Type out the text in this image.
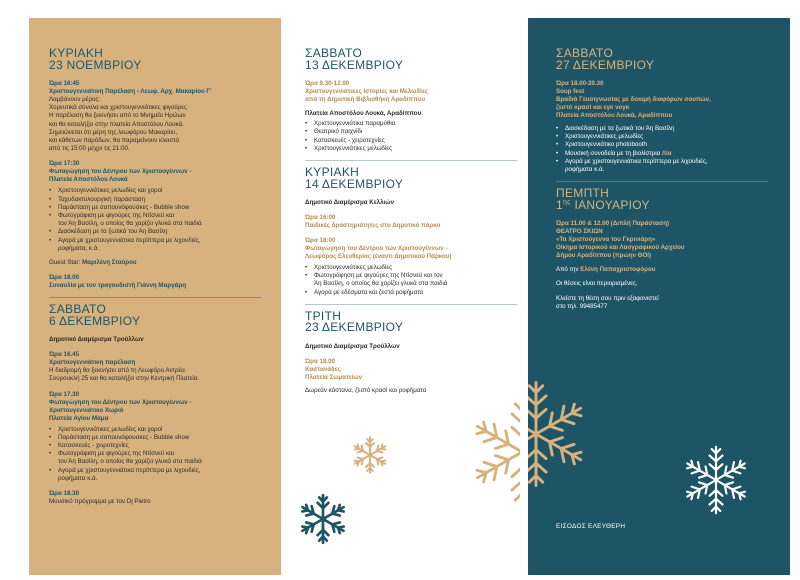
ΚΥΡΙΑΚΗ
23 ΝΟΕΜΒΡΙΟΥ
Ώρα 16:45
Χριστουγεννιάτικη Παρέλαση - Λεωφ. Αρχ. Μακαρίου Γ'
Λαμβάνουν μέρος:
Χορευτικά σύνολα και χριστουγεννιάτικες φιγούρες
Η παρέλαση θα ξεκινήσει από το Μνημείο Ηρώων
και θα καταλήξει στην πλατεία Αποστόλου Λουκά.
Σημειώνεται ότι μέρη της λεωφόρου Μακαρίου,
και κάθετων παρόδων, θα παραμείνουν κλειστά
από τις 15:00 μέχρι τις 21:00.
Ώρα 17:30
Φωταγώγηση του Δέντρου των Χριστουγέννων -
Πλατεία Αποστόλου Λουκά
• Χριστουγεννιάτικες μελωδίες και χοροί
• Ταχυδακτυλουργική παράσταση
• Παράσταση με σαπουνόφουσκες - Bubble show
• Φωτογράφιση με φιγούρες της Ντίσνεϋ και
τον Άη Βασίλη, ο οποίος θα χαρίζει γλυκά στα παιδιά
• Διασκέδαση με τα ξωτικά του Άη Βασίλη
• Αγορά με χριστουγεννιάτικα περίπτερα με λιχουδιές,
ροφήματα, κ.ά.
Guest Star: Μαριλένη Σταύρου
Ώρα 18.00
Συναυλία με τον τραγουδιστή Γιάννη Μαργάρη
ΣΑΒΒΑΤΟ
6 ΔΕΚΕΜΒΡΙΟΥ
Δημοτικό Διαμέρισμα Τρούλλων
Ώρα 16.45
Χριστουγεννιάτικη παρέλαση
Η διαδρομή θα ξεκινήσει από τη Λεωφόρο Αντρέα
Σουρουκλή 25 και θα καταλήξει στην Κεντρική Πλατεία.
Ώρα 17.30
Φωταγώγηση του Δέντρου των Χριστουγέννων -
Χριστουγεννιάτικο Χωριό
Πλατεία Αγίου Μάμα
• Χριστουγεννιάτικες μελωδίες και χοροί
• Παράσταση με σαπουνόφουσκες - Bubble show
• Κατασκευές - χειροτεχνίες
• Φωτογράφιση με φιγούρες της Ντίσνεϋ και
τον Άη Βασίλη, ο οποίος θα χαρίζει γλυκά στα παιδιά
• Αγορά με χριστουγεννιάτικα περίπτερα με λιχουδιές,
ροφήματα κ.ά.
Ώρα 18.30
Μουσικό πρόγραμμα με τον Dj Pietro
ΣΑΒΒΑΤΟ
13 ΔΕΚΕΜΒΡΙΟΥ
Ώρα 9.30-12.00
Χριστουγεννιάτικες Ιστορίες και Μελωδίες
από τη Δημοτική Βιβλιοθήκη Αραδίππου
Πλατεία Αποστόλου Λουκά, Αραδίππου
• Χριστουγεννιάτικα παραμύθια
• Θεατρικό παιχνίδι
• Κατασκευές - χειροτεχνίες
• Χριστουγεννιάτικες μελωδίες
ΚΥΡΙΑΚΗ
14 ΔΕΚΕΜΒΡΙΟΥ
Δημοτικό Διαμέρισμα Κελλιών
Ώρα 16:00
Παιδικές δραστηριότητες στο Δημοτικό πάρκο
Ώρα 18:00
Φωταγώγηση του Δέντρου των Χριστουγέννων -
Λεωφόρος Ελευθερίας (έναντι Δημοτικού Πάρκου)
• Χριστουγεννιάτικες μελωδίες
• Φωτογράφηση με φιγούρες της Ντίσνεϋ και τον
Άη Βασίλη, ο οποίος θα χαρίζει γλυκά στα παιδιά
• Αγορά με εδέσματα και ζεστά ροφήματα
ΤΡΙΤΗ
23 ΔΕΚΕΜΒΡΙΟΥ
Δημοτικό Διαμέρισμα Τρούλλων
Ώρα 18.00
Καστανάδες
Πλατεία Σωματείων
Δωρεάν κάστανα, ζεστό κρασί και ροφήματα
ΣΑΒΒΑΤΟ
27 ΔΕΚΕΜΒΡΙΟΥ
Ώρα 18.00-20.30
Soup fest
Βραδιά Γευσιγνωσίας με δοκιμή διαφόρων σουπών,
ζεστό κρασί και εγκ νογκ
Πλατεία Αποστόλου Λουκά, Αραδίππου
• Διασκέδαση με τα ξωτικά του Άη Βασίλη
• Χριστουγεννιάτικες μελωδίες
• Χριστουγεννιάτικο photobooth
• Μουσική συνοδεία με τη βιολίστρια Λία
• Αγορά με χριστουγεννιάτικα περίπτερα με λιχουδιές,
ροφήματα κ.ά.
ΠΕΜΠΤΗ
$1^{\eta\varsigma}$ ΙΑΝΟΥΑΡΙΟΥ
Ώρα 11.00 & 12.00 (Διπλή Παράσταση)
ΘΕΑΤΡΟ ΣΚΙΩΝ
«Τα Χριστούγεννα του Γκρινιάρη»
Οίκημα Ιστορικού και Λαογραφικού Αρχείου
Δήμου Αραδίππου (πρώην ΘΟΙ)
Από την Ελένη Παπαχριστοφόρου
Οι θέσεις είναι περιορισμένες.
Κλείστε τη θέση σου πριν εξαφανιστεί
στο τηλ. 99485477
ΕΙΣΟΔΟΣ ΕΛΕΥΘΕΡΗ
